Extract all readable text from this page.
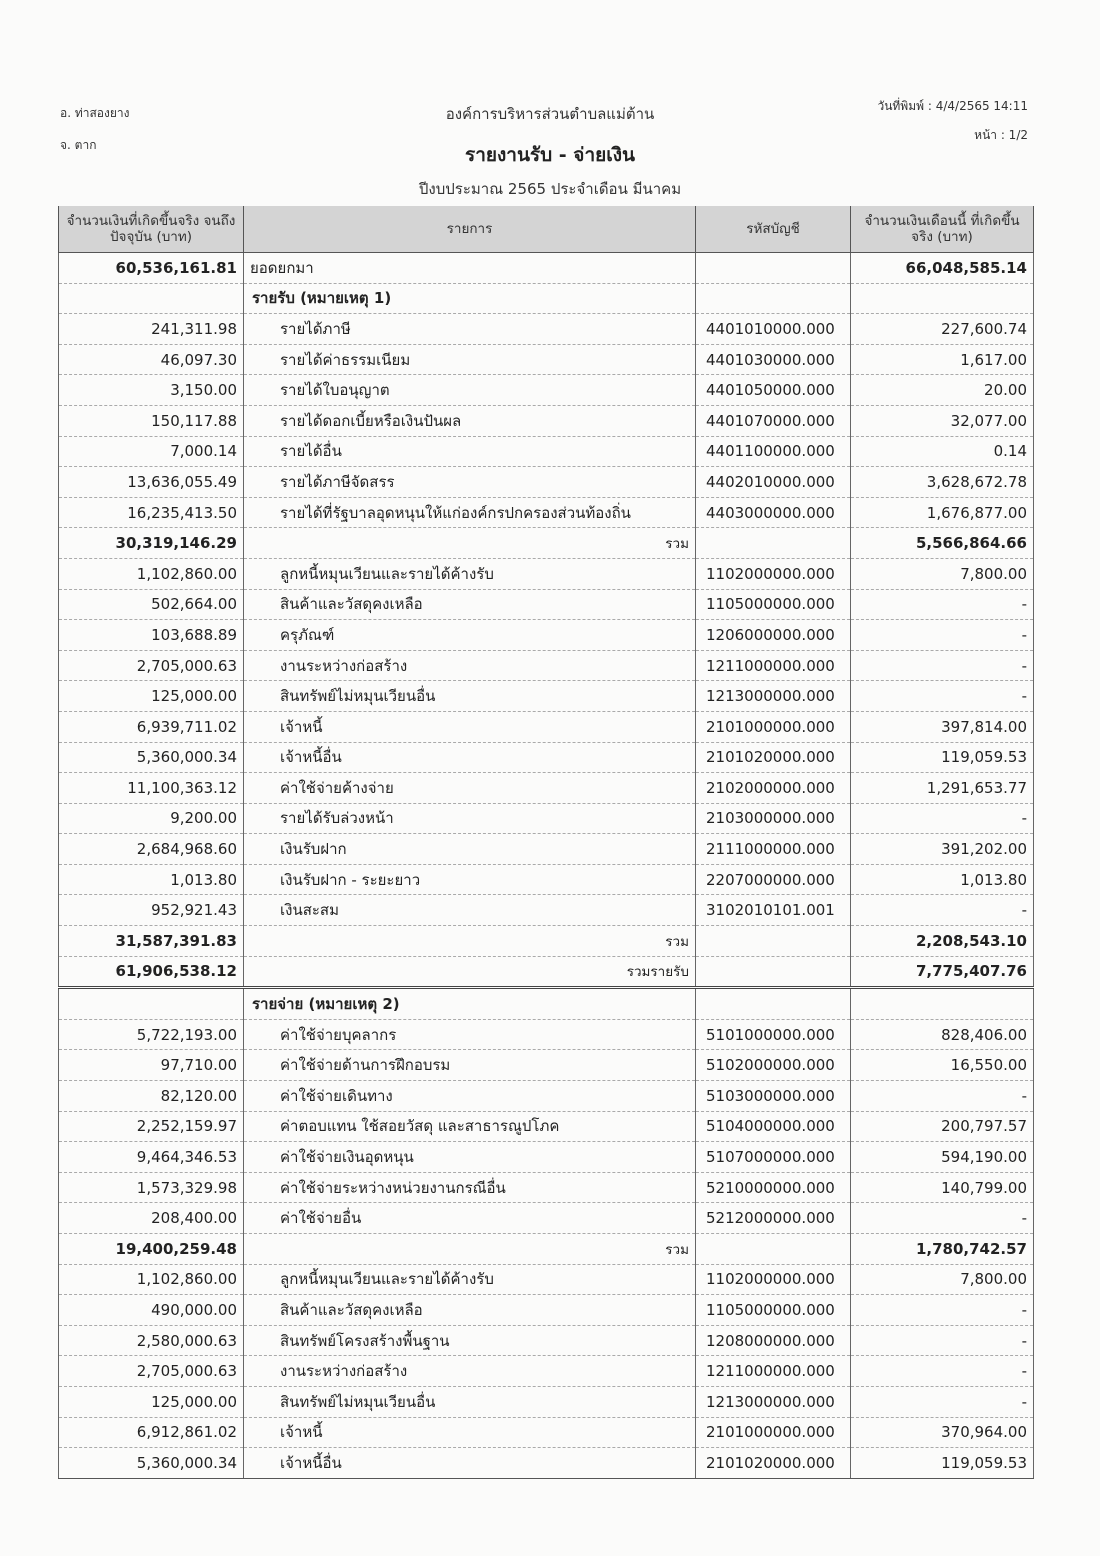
อ. ท่าสองยาง
จ. ตาก
องค์การบริหารส่วนตำบลแม่ต้าน	วันที่พิมพ์ : 4/4/2565 14:11
หน้า : 1/2
รายงานรับ - จ่ายเงิน
ปีงบประมาณ 2565 ประจำเดือน มีนาคม
จำนวนเงินที่เกิดขึ้นจริง จนถึงปัจจุบัน (บาท)	รายการ	รหัสบัญชี	จำนวนเงินเดือนนี้ ที่เกิดขึ้นจริง (บาท)
60,536,161.81	ยอดยกมา		66,048,585.14
	รายรับ (หมายเหตุ 1)		
241,311.98	รายได้ภาษี	4401010000.000	227,600.74
46,097.30	รายได้ค่าธรรมเนียม	4401030000.000	1,617.00
3,150.00	รายได้ใบอนุญาต	4401050000.000	20.00
150,117.88	รายได้ดอกเบี้ยหรือเงินปันผล	4401070000.000	32,077.00
7,000.14	รายได้อื่น	4401100000.000	0.14
13,636,055.49	รายได้ภาษีจัดสรร	4402010000.000	3,628,672.78
16,235,413.50	รายได้ที่รัฐบาลอุดหนุนให้แก่องค์กรปกครองส่วนท้องถิ่น	4403000000.000	1,676,877.00
30,319,146.29	รวม		5,566,864.66
1,102,860.00	ลูกหนี้หมุนเวียนและรายได้ค้างรับ	1102000000.000	7,800.00
502,664.00	สินค้าและวัสดุคงเหลือ	1105000000.000	-
103,688.89	ครุภัณฑ์	1206000000.000	-
2,705,000.63	งานระหว่างก่อสร้าง	1211000000.000	-
125,000.00	สินทรัพย์ไม่หมุนเวียนอื่น	1213000000.000	-
6,939,711.02	เจ้าหนี้	2101000000.000	397,814.00
5,360,000.34	เจ้าหนี้อื่น	2101020000.000	119,059.53
11,100,363.12	ค่าใช้จ่ายค้างจ่าย	2102000000.000	1,291,653.77
9,200.00	รายได้รับล่วงหน้า	2103000000.000	-
2,684,968.60	เงินรับฝาก	2111000000.000	391,202.00
1,013.80	เงินรับฝาก - ระยะยาว	2207000000.000	1,013.80
952,921.43	เงินสะสม	3102010101.001	-
31,587,391.83	รวม		2,208,543.10
61,906,538.12	รวมรายรับ		7,775,407.76
	รายจ่าย (หมายเหตุ 2)		
5,722,193.00	ค่าใช้จ่ายบุคลากร	5101000000.000	828,406.00
97,710.00	ค่าใช้จ่ายด้านการฝึกอบรม	5102000000.000	16,550.00
82,120.00	ค่าใช้จ่ายเดินทาง	5103000000.000	-
2,252,159.97	ค่าตอบแทน ใช้สอยวัสดุ และสาธารณูปโภค	5104000000.000	200,797.57
9,464,346.53	ค่าใช้จ่ายเงินอุดหนุน	5107000000.000	594,190.00
1,573,329.98	ค่าใช้จ่ายระหว่างหน่วยงานกรณีอื่น	5210000000.000	140,799.00
208,400.00	ค่าใช้จ่ายอื่น	5212000000.000	-
19,400,259.48	รวม		1,780,742.57
1,102,860.00	ลูกหนี้หมุนเวียนและรายได้ค้างรับ	1102000000.000	7,800.00
490,000.00	สินค้าและวัสดุคงเหลือ	1105000000.000	-
2,580,000.63	สินทรัพย์โครงสร้างพื้นฐาน	1208000000.000	-
2,705,000.63	งานระหว่างก่อสร้าง	1211000000.000	-
125,000.00	สินทรัพย์ไม่หมุนเวียนอื่น	1213000000.000	-
6,912,861.02	เจ้าหนี้	2101000000.000	370,964.00
5,360,000.34	เจ้าหนี้อื่น	2101020000.000	119,059.53
